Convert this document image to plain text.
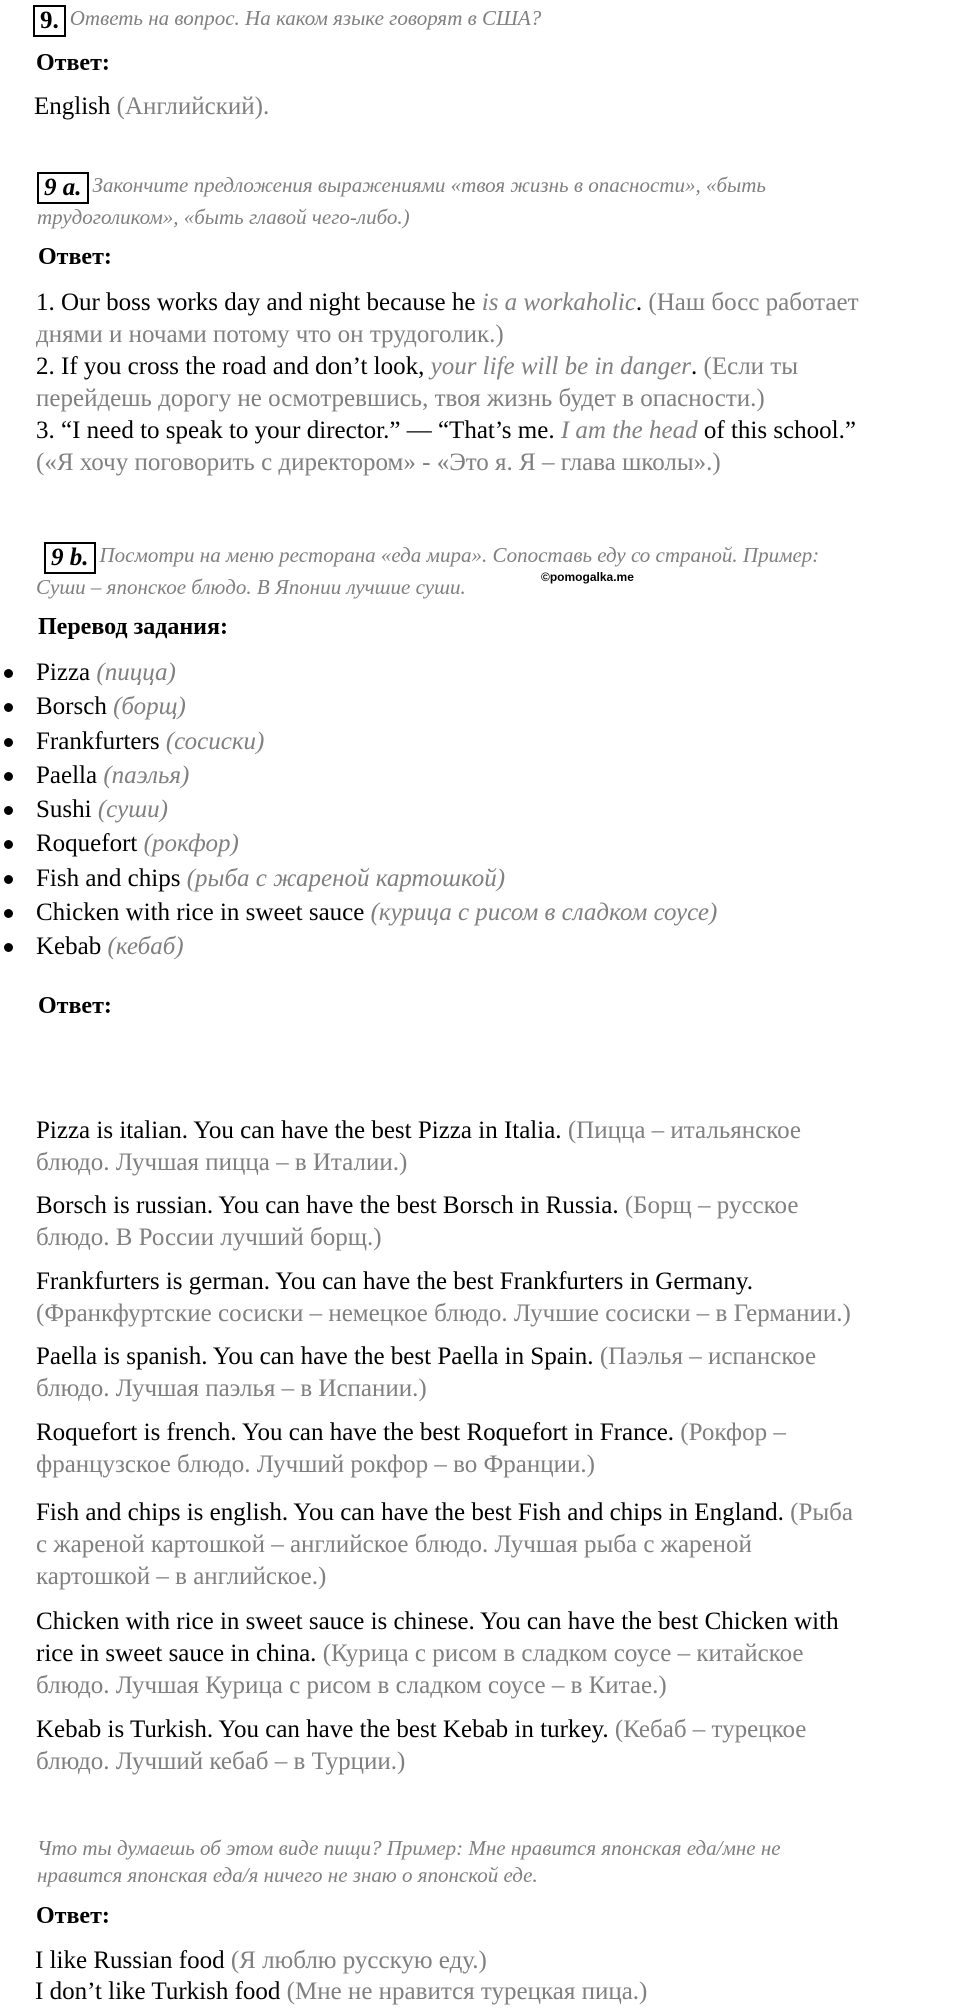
9. Ответь на вопрос. На каком языке говорят в США?
Ответ:
English (Английский).
9 a. Закончите предложения выражениями «твоя жизнь в опасности», «быть
трудоголиком», «быть главой чего-либо.)
Ответ:
1. Our boss works day and night because he is a workaholic. (Наш босс работает
днями и ночами потому что он трудоголик.)
2. If you cross the road and don’t look, your life will be in danger. (Если ты
перейдешь дорогу не осмотревшись, твоя жизнь будет в опасности.)
3. “I need to speak to your director.” — “That’s me. I am the head of this school.”
(«Я хочу поговорить с директором» - «Это я. Я – глава школы».)
9 b. Посмотри на меню ресторана «еда мира». Сопоставь еду со страной. Пример:
Суши – японское блюдо. В Японии лучшие суши.	©pomogalka.me
Перевод задания:
Pizza (пицца)
Borsch (борщ)
Frankfurters (сосиски)
Paella (паэлья)
Sushi (суши)
Roquefort (рокфор)
Fish and chips (рыба с жареной картошкой)
Chicken with rice in sweet sauce (курица с рисом в сладком соусе)
Kebab (кебаб)
Ответ:
Pizza is italian. You can have the best Pizza in Italia. (Пицца – итальянское
блюдо. Лучшая пицца – в Италии.)
Borsch is russian. You can have the best Borsch in Russia. (Борщ – русское
блюдо. В России лучший борщ.)
Frankfurters is german. You can have the best Frankfurters in Germany.
(Франкфуртские сосиски – немецкое блюдо. Лучшие сосиски – в Германии.)
Paella is spanish. You can have the best Paella in Spain. (Паэлья – испанское
блюдо. Лучшая паэлья – в Испании.)
Roquefort is french. You can have the best Roquefort in France. (Рокфор –
французское блюдо. Лучший рокфор – во Франции.)
Fish and chips is english. You can have the best Fish and chips in England. (Рыба
с жареной картошкой – английское блюдо. Лучшая рыба с жареной
картошкой – в английское.)
Chicken with rice in sweet sauce is chinese. You can have the best Chicken with
rice in sweet sauce in china. (Курица с рисом в сладком соусе – китайское
блюдо. Лучшая Курица с рисом в сладком соусе – в Китае.)
Kebab is Turkish. You can have the best Kebab in turkey. (Кебаб – турецкое
блюдо. Лучший кебаб – в Турции.)
Что ты думаешь об этом виде пищи? Пример: Мне нравится японская еда/мне не
нравится японская еда/я ничего не знаю о японской еде.
Ответ:
I like Russian food (Я люблю русскую еду.)
I don’t like Turkish food (Мне не нравится турецкая пица.)
